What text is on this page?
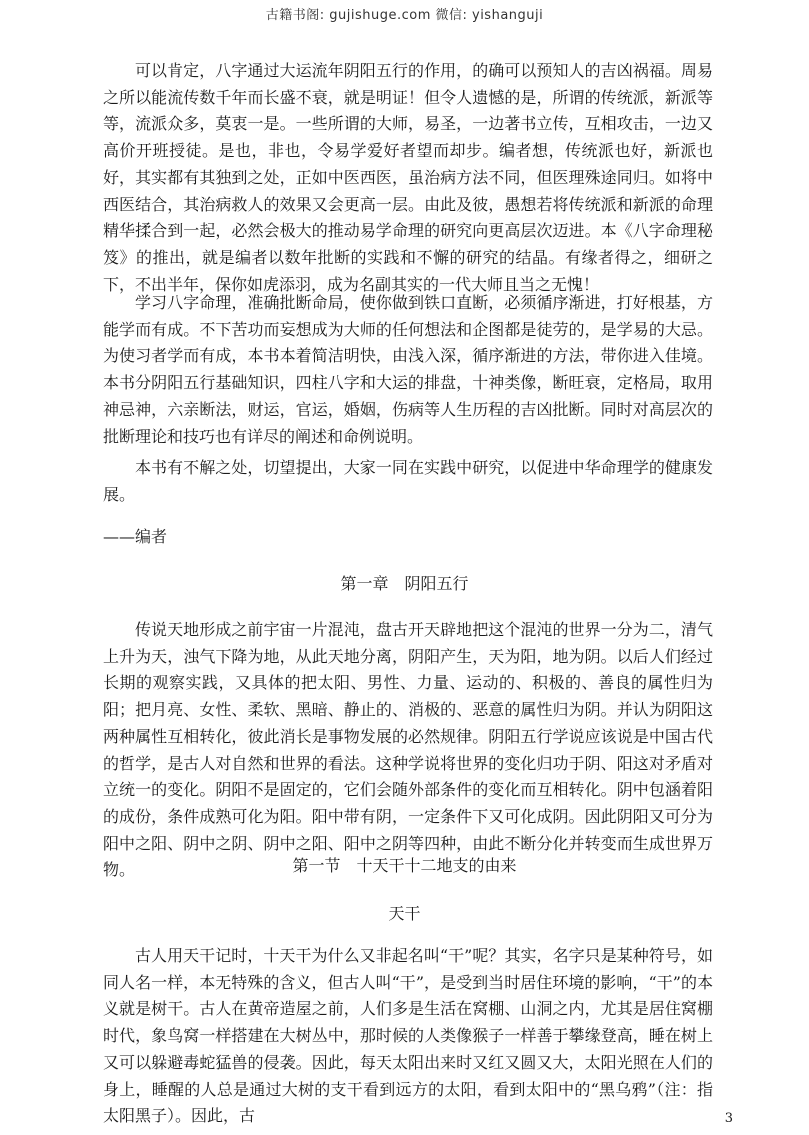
古籍书阁: gujishuge.com 微信: yishanguji

可以肯定，八字通过大运流年阴阳五行的作用，的确可以预知人的吉凶祸福。周易之所以能流传数千年而长盛不衰，就是明证！但令人遗憾的是，所谓的传统派，新派等等，流派众多，莫衷一是。一些所谓的大师，易圣，一边著书立传，互相攻击，一边又高价开班授徒。是也，非也，令易学爱好者望而却步。编者想，传统派也好，新派也好，其实都有其独到之处，正如中医西医，虽治病方法不同，但医理殊途同归。如将中西医结合，其治病救人的效果又会更高一层。由此及彼，愚想若将传统派和新派的命理精华揉合到一起，必然会极大的推动易学命理的研究向更高层次迈进。本《八字命理秘笈》的推出，就是编者以数年批断的实践和不懈的研究的结晶。有缘者得之，细研之下，不出半年，保你如虎添羽，成为名副其实的一代大师且当之无愧！

学习八字命理，准确批断命局，使你做到铁口直断，必须循序渐进，打好根基，方能学而有成。不下苦功而妄想成为大师的任何想法和企图都是徒劳的，是学易的大忌。为使习者学而有成，本书本着简洁明快，由浅入深，循序渐进的方法，带你进入佳境。本书分阴阳五行基础知识，四柱八字和大运的排盘，十神类像，断旺衰，定格局，取用神忌神，六亲断法，财运，官运，婚姻，伤病等人生历程的吉凶批断。同时对高层次的批断理论和技巧也有详尽的阐述和命例说明。

本书有不解之处，切望提出，大家一同在实践中研究，以促进中华命理学的健康发展。

——编者
第一章　阴阳五行

传说天地形成之前宇宙一片混沌，盘古开天辟地把这个混沌的世界一分为二，清气上升为天，浊气下降为地，从此天地分离，阴阳产生，天为阳，地为阴。以后人们经过长期的观察实践，又具体的把太阳、男性、力量、运动的、积极的、善良的属性归为阳；把月亮、女性、柔软、黑暗、静止的、消极的、恶意的属性归为阴。并认为阴阳这两种属性互相转化，彼此消长是事物发展的必然规律。阴阳五行学说应该说是中国古代的哲学，是古人对自然和世界的看法。这种学说将世界的变化归功于阴、阳这对矛盾对立统一的变化。阴阳不是固定的，它们会随外部条件的变化而互相转化。阴中包涵着阳的成份，条件成熟可化为阳。阳中带有阴，一定条件下又可化成阴。因此阴阳又可分为阳中之阳、阴中之阴、阴中之阳、阳中之阴等四种，由此不断分化并转变而生成世界万物。	第一节　十天干十二地支的由来
天干

古人用天干记时，十天干为什么又非起名叫“干”呢？其实，名字只是某种符号，如同人名一样，本无特殊的含义，但古人叫“干”，是受到当时居住环境的影响，“干”的本义就是树干。古人在黄帝造屋之前，人们多是生活在窝棚、山洞之内，尤其是居住窝棚时代，象鸟窝一样搭建在大树丛中，那时候的人类像猴子一样善于攀缘登高，睡在树上又可以躲避毒蛇猛兽的侵袭。因此，每天太阳出来时又红又圆又大，太阳光照在人们的身上，睡醒的人总是通过大树的支干看到远方的太阳，看到太阳中的“黑乌鸦”（注：指太阳黑子）。因此，古	3
